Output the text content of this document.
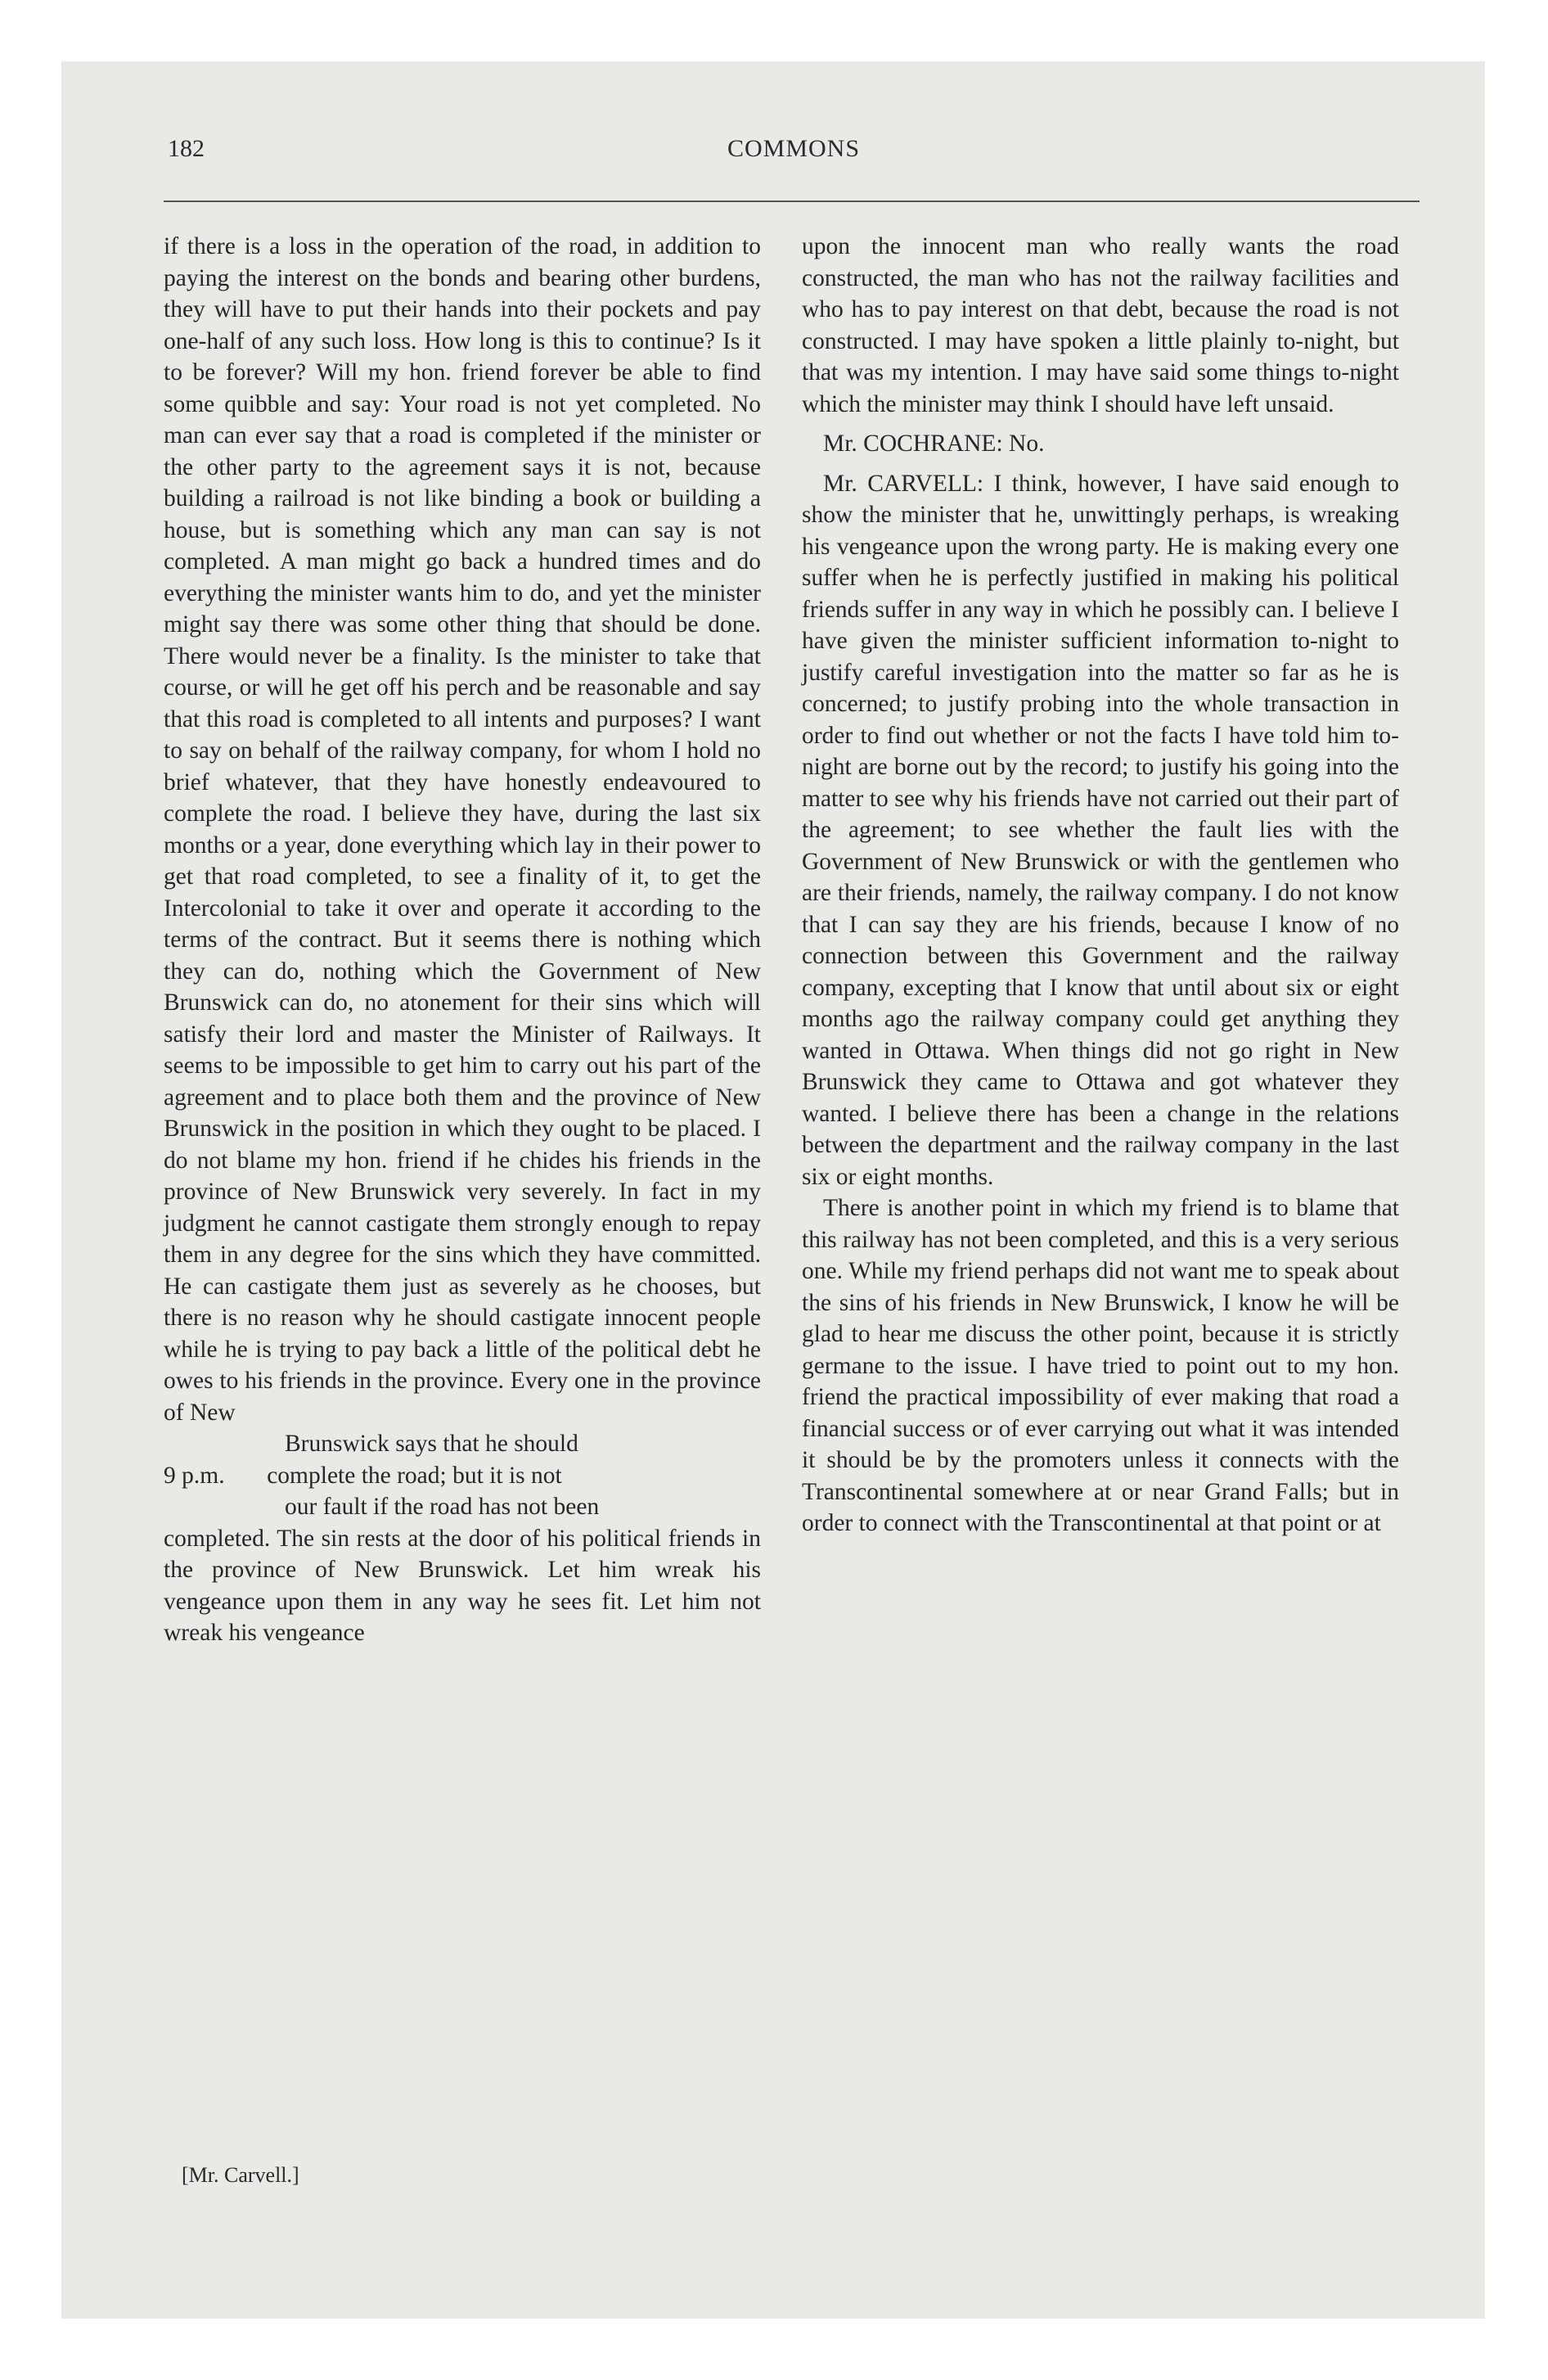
182	COMMONS

if there is a loss in the operation of the road, in addition to paying the interest on the bonds and bearing other burdens, they will have to put their hands into their pockets and pay one-half of any such loss. How long is this to continue? Is it to be forever? Will my hon. friend forever be able to find some quibble and say: Your road is not yet completed. No man can ever say that a road is completed if the minister or the other party to the agreement says it is not, because building a railroad is not like binding a book or building a house, but is something which any man can say is not completed. A man might go back a hundred times and do everything the minister wants him to do, and yet the minister might say there was some other thing that should be done. There would never be a finality. Is the minister to take that course, or will he get off his perch and be reasonable and say that this road is completed to all intents and purposes? I want to say on behalf of the railway company, for whom I hold no brief whatever, that they have honestly endeavoured to complete the road. I believe they have, during the last six months or a year, done everything which lay in their power to get that road completed, to see a finality of it, to get the Intercolonial to take it over and operate it according to the terms of the contract. But it seems there is nothing which they can do, nothing which the Government of New Brunswick can do, no atonement for their sins which will satisfy their lord and master the Minister of Railways. It seems to be impossible to get him to carry out his part of the agreement and to place both them and the province of New Brunswick in the position in which they ought to be placed. I do not blame my hon. friend if he chides his friends in the province of New Brunswick very severely. In fact in my judgment he cannot castigate them strongly enough to repay them in any degree for the sins which they have committed. He can castigate them just as severely as he chooses, but there is no reason why he should castigate innocent people while he is trying to pay back a little of the political debt he owes to his friends in the province. Every one in the province of New

Brunswick says that he should
9 p.m. complete the road; but it is not
our fault if the road has not been

completed. The sin rests at the door of his political friends in the province of New Brunswick. Let him wreak his vengeance upon them in any way he sees fit. Let him not wreak his vengeance

upon the innocent man who really wants the road constructed, the man who has not the railway facilities and who has to pay interest on that debt, because the road is not constructed. I may have spoken a little plainly to-night, but that was my intention. I may have said some things to-night which the minister may think I should have left unsaid.

Mr. COCHRANE: No.

Mr. CARVELL: I think, however, I have said enough to show the minister that he, unwittingly perhaps, is wreaking his vengeance upon the wrong party. He is making every one suffer when he is perfectly justified in making his political friends suffer in any way in which he possibly can. I believe I have given the minister sufficient information to-night to justify careful investigation into the matter so far as he is concerned; to justify probing into the whole transaction in order to find out whether or not the facts I have told him to-night are borne out by the record; to justify his going into the matter to see why his friends have not carried out their part of the agreement; to see whether the fault lies with the Government of New Brunswick or with the gentlemen who are their friends, namely, the railway company. I do not know that I can say they are his friends, because I know of no connection between this Government and the railway company, excepting that I know that until about six or eight months ago the railway company could get anything they wanted in Ottawa. When things did not go right in New Brunswick they came to Ottawa and got whatever they wanted. I believe there has been a change in the relations between the department and the railway company in the last six or eight months.

There is another point in which my friend is to blame that this railway has not been completed, and this is a very serious one. While my friend perhaps did not want me to speak about the sins of his friends in New Brunswick, I know he will be glad to hear me discuss the other point, because it is strictly germane to the issue. I have tried to point out to my hon. friend the practical impossibility of ever making that road a financial success or of ever carrying out what it was intended it should be by the promoters unless it connects with the Transcontinental somewhere at or near Grand Falls; but in order to connect with the Transcontinental at that point or at

[Mr. Carvell.]
